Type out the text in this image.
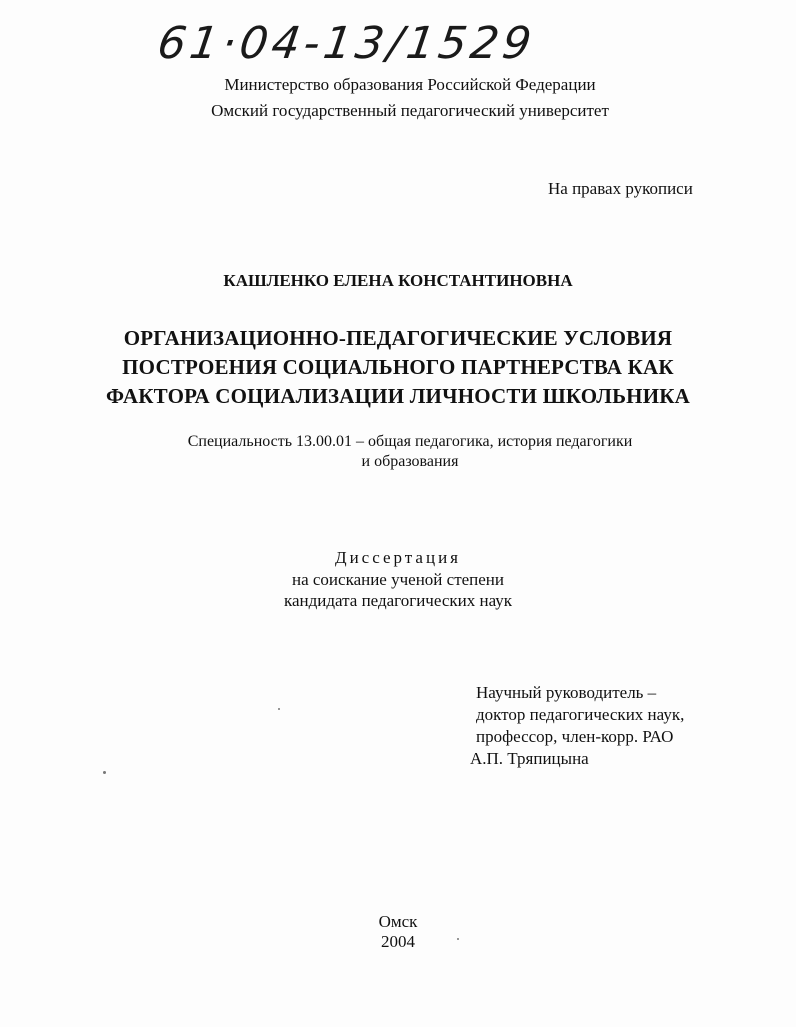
61·04-13/1529
Министерство образования Российской Федерации
Омский государственный педагогический университет
На правах рукописи
КАШЛЕНКО ЕЛЕНА КОНСТАНТИНОВНА
ОРГАНИЗАЦИОННО-ПЕДАГОГИЧЕСКИЕ УСЛОВИЯ
ПОСТРОЕНИЯ СОЦИАЛЬНОГО ПАРТНЕРСТВА КАК
ФАКТОРА СОЦИАЛИЗАЦИИ ЛИЧНОСТИ ШКОЛЬНИКА
Специальность 13.00.01 – общая педагогика, история педагогики
и образования
Диссертация
на соискание ученой степени
кандидата педагогических наук
Научный руководитель –
доктор педагогических наук,
профессор, член-корр. РАО
А.П. Тряпицына
Омск
2004
